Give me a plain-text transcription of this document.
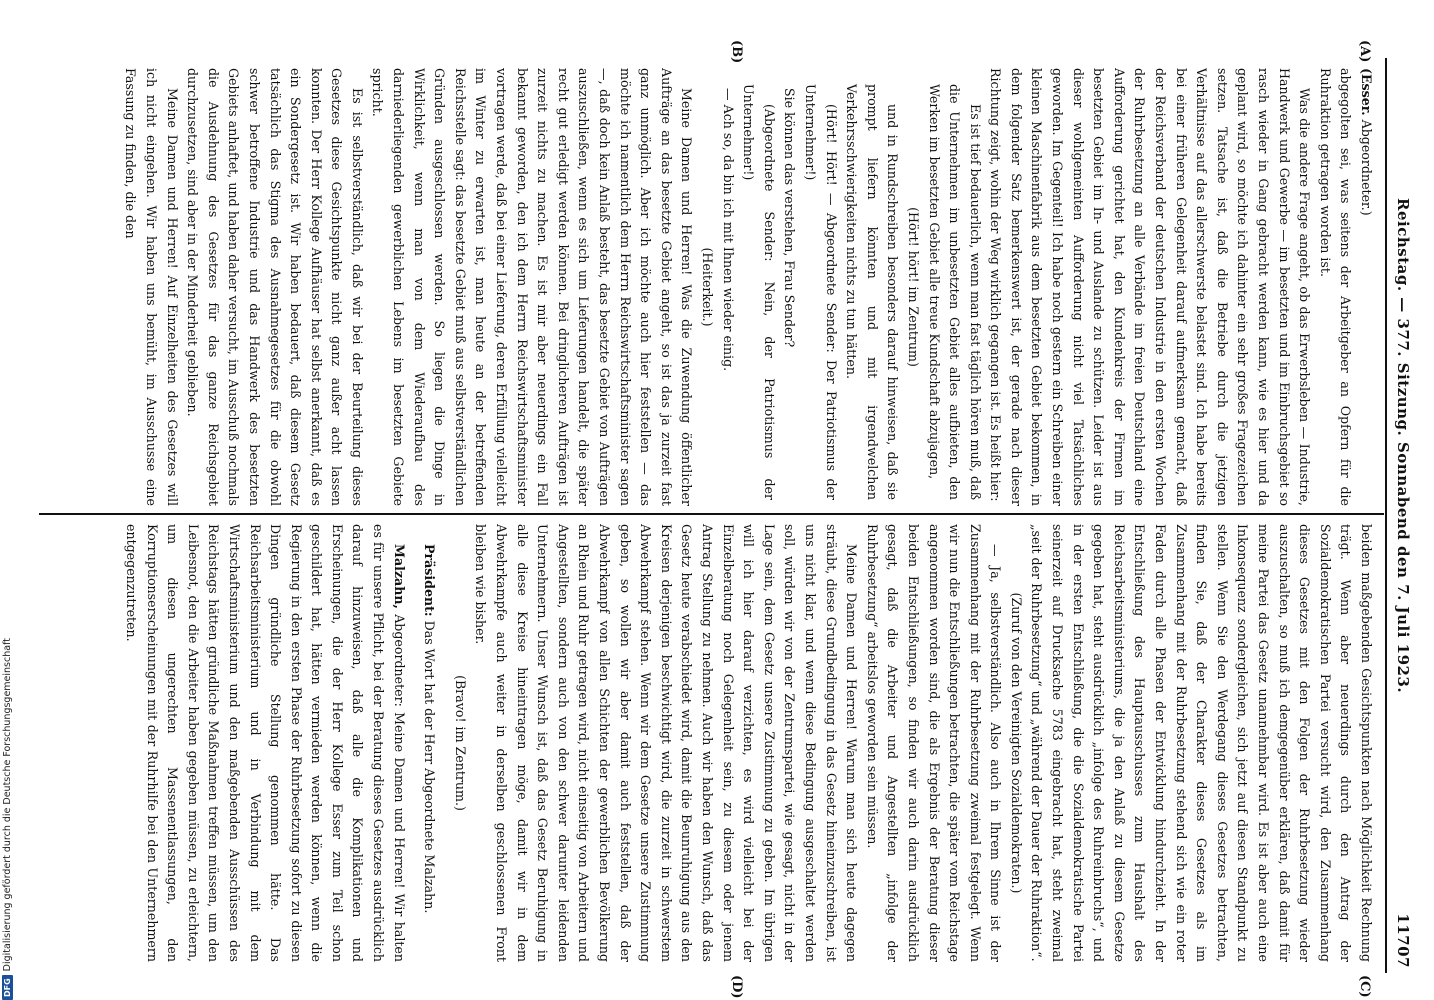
Reichstag. — 377. Sitzung. Sonnabend den 7. Juli 1923.
11707
(A)
(B)
(C)
(D)

(Esser. Abgeordneter.)

abgegolten sei, was seitens der Arbeitgeber an Opfern für die Ruhraktion getragen worden ist.

Was die andere Frage angeht, ob das Erwerbsleben — Industrie, Handwerk und Gewerbe — im besetzten und im Einbruchsgebiet so rasch wieder in Gang gebracht werden kann, wie es hier und da geplant wird, so möchte ich dahinter ein sehr großes Fragezeichen setzen. Tatsache ist, daß die Betriebe durch die jetzigen Verhältnisse auf das allerschwerste belastet sind. Ich habe bereits bei einer früheren Gelegenheit darauf aufmerksam gemacht, daß der Reichsverband der deutschen Industrie in den ersten Wochen der Ruhrbesetzung an alle Verbände im freien Deutschland eine Aufforderung gerichtet hat, den Kundenkreis der Firmen im besetzten Gebiet im In- und Auslande zu schützen. Leider ist aus dieser wohlgemeinten Aufforderung nicht viel Tatsächliches geworden. Im Gegenteil! Ich habe noch gestern ein Schreiben einer kleinen Maschinenfabrik aus dem besetzten Gebiet bekommen, in dem folgender Satz bemerkenswert ist, der gerade nach dieser Richtung zeigt, wohin der Weg wirklich gegangen ist. Es heißt hier:

Es ist tief bedauerlich, wenn man fast täglich hören muß, daß die Unternehmen im unbesetzten Gebiet alles aufbieten, den Werken im besetzten Gebiet alle treue Kundschaft abzujagen,

(Hört! hört! im Zentrum)

und in Rundschreiben besonders darauf hinweisen, daß sie prompt liefern könnten und mit irgendwelchen Verkehrsschwierigkeiten nichts zu tun hätten.

(Hört! Hört! — Abgeordnete Sender: Der Patriotismus der Unternehmer!)

Sie können das verstehen, Frau Sender?

(Abgeordnete Sender: Nein, der Patriotismus der Unternehmer!)

— Ach so, da bin ich mit Ihnen wieder einig.

(Heiterkeit.)

Meine Damen und Herren! Was die Zuwendung öffentlicher Aufträge an das besetzte Gebiet angeht, so ist das ja zurzeit fast ganz unmöglich. Aber ich möchte auch hier feststellen — das möchte ich namentlich dem Herrn Reichswirtschaftsminister sagen —, daß doch kein Anlaß besteht, das besetzte Gebiet von Aufträgen auszuschließen, wenn es sich um Lieferungen handelt, die später recht gut erledigt werden können. Bei dringlicheren Aufträgen ist zurzeit nichts zu machen. Es ist mir aber neuerdings ein Fall bekannt geworden, den ich dem Herrn Reichswirtschaftsminister vortragen werde, daß bei einer Lieferung, deren Erfüllung vielleicht im Winter zu erwarten ist, man heute an der betreffenden Reichsstelle sagt: das besetzte Gebiet muß aus selbstverständlichen Gründen ausgeschlossen werden. So liegen die Dinge in Wirklichkeit, wenn man von dem Wiederaufbau des darniederliegenden gewerblichen Lebens im besetzten Gebiete spricht.

Es ist selbstverständlich, daß wir bei der Beurteilung dieses Gesetzes diese Gesichtspunkte nicht ganz außer acht lassen konnten. Der Herr Kollege Aufhäuser hat selbst anerkannt, daß es ein Sondergesetz ist. Wir haben bedauert, daß diesem Gesetz tatsächlich das Stigma des Ausnahmegesetzes für die obwohl schwer betroffene Industrie und das Handwerk des besetzten Gebiets anhaftet, und haben daher versucht, im Ausschuß nochmals die Ausdehnung des Gesetzes für das ganze Reichsgebiet durchzusetzen, sind aber in der Minderheit geblieben.

Meine Damen und Herren! Auf Einzelheiten des Gesetzes will ich nicht eingehen. Wir haben uns bemüht, im Ausschusse eine Fassung zu finden, die den

beiden maßgebenden Gesichtspunkten nach Möglichkeit Rechnung trägt. Wenn aber neuerdings durch den Antrag der Sozialdemokratischen Partei versucht wird, den Zusammenhang dieses Gesetzes mit den Folgen der Ruhrbesetzung wieder auszuschalten, so muß ich demgegenüber erklären, daß damit für meine Partei das Gesetz unannehmbar wird. Es ist aber auch eine Inkonsequenz sondergleichen, sich jetzt auf diesen Standpunkt zu stellen. Wenn Sie den Werdegang dieses Gesetzes betrachten, finden Sie, daß der Charakter dieses Gesetzes als im Zusammenhang mit der Ruhrbesetzung stehend sich wie ein roter Faden durch alle Phasen der Entwicklung hindurchzieht. In der Entschließung des Hauptausschusses zum Haushalt des Reichsarbeitsministeriums, die ja den Anlaß zu diesem Gesetze gegeben hat, steht ausdrücklich „infolge des Ruhreinbruchs“, und in der ersten Entschließung, die die Sozialdemokratische Partei seinerzeit auf Drucksache 5783 eingebracht hat, steht zweimal „seit der Ruhrbesetzung“ und „während der Dauer der Ruhraktion“.

(Zuruf von den Vereinigten Sozialdemokraten.)

— Ja, selbstverständlich. Also auch in Ihrem Sinne ist der Zusammenhang mit der Ruhrbesetzung zweimal festgelegt. Wenn wir nun die Entschließungen betrachten, die später vom Reichstage angenommen worden sind, die als Ergebnis der Beratung dieser beiden Entschließungen, so finden wir auch darin ausdrücklich gesagt, daß die Arbeiter und Angestellten „infolge der Ruhrbesetzung“ arbeitslos geworden sein müssen.

Meine Damen und Herren! Warum man sich heute dagegen sträubt, diese Grundbedingung in das Gesetz hineinzuschreiben, ist uns nicht klar, und wenn diese Bedingung ausgeschaltet werden soll, würden wir von der Zentrumspartei, wie gesagt, nicht in der Lage sein, dem Gesetz unsere Zustimmung zu geben. Im übrigen will ich hier darauf verzichten, es wird vielleicht bei der Einzelberatung noch Gelegenheit sein, zu diesem oder jenem Antrag Stellung zu nehmen. Auch wir haben den Wunsch, daß das Gesetz heute verabschiedet wird, damit die Beunruhigung aus den Kreisen derjenigen beschwichtigt wird, die zurzeit in schwerstem Abwehrkampf stehen. Wenn wir dem Gesetze unsere Zustimmung geben, so wollen wir aber damit auch feststellen, daß der Abwehrkampf von allen Schichten der gewerblichen Bevölkerung an Rhein und Ruhr getragen wird, nicht einseitig von Arbeitern und Angestellten, sondern auch von den schwer darunter leidenden Unternehmern. Unser Wunsch ist, daß das Gesetz Beruhigung in alle diese Kreise hineintragen möge, damit wir in dem Abwehrkampfe auch weiter in derselben geschlossenen Front bleiben wie bisher.

(Bravo! im Zentrum.)

Präsident: Das Wort hat der Herr Abgeordnete Malzahn.

Malzahn, Abgeordneter: Meine Damen und Herren! Wir halten es für unsere Pflicht, bei der Beratung dieses Gesetzes ausdrücklich darauf hinzuweisen, daß alle die Komplikationen und Erscheinungen, die der Herr Kollege Esser zum Teil schon geschildert hat, hätten vermieden werden können, wenn die Regierung in den ersten Phase der Ruhrbesetzung sofort zu diesen Dingen gründliche Stellung genommen hätte. Das Reichsarbeitsministerium und in Verbindung mit dem Wirtschaftsministerium und den maßgebenden Ausschüssen des Reichstags hätten gründliche Maßnahmen treffen müssen, um den Leibesnot, den die Arbeiter haben gegeben müssen, zu erleichtern, um diesen ungerechten Massenentlassungen, den Korruptionserscheinungen mit der Ruhrhilfe bei den Unternehmern entgegenzutreten.

DFG
Digitalisierung gefördert durch die Deutsche Forschungsgemeinschaft
